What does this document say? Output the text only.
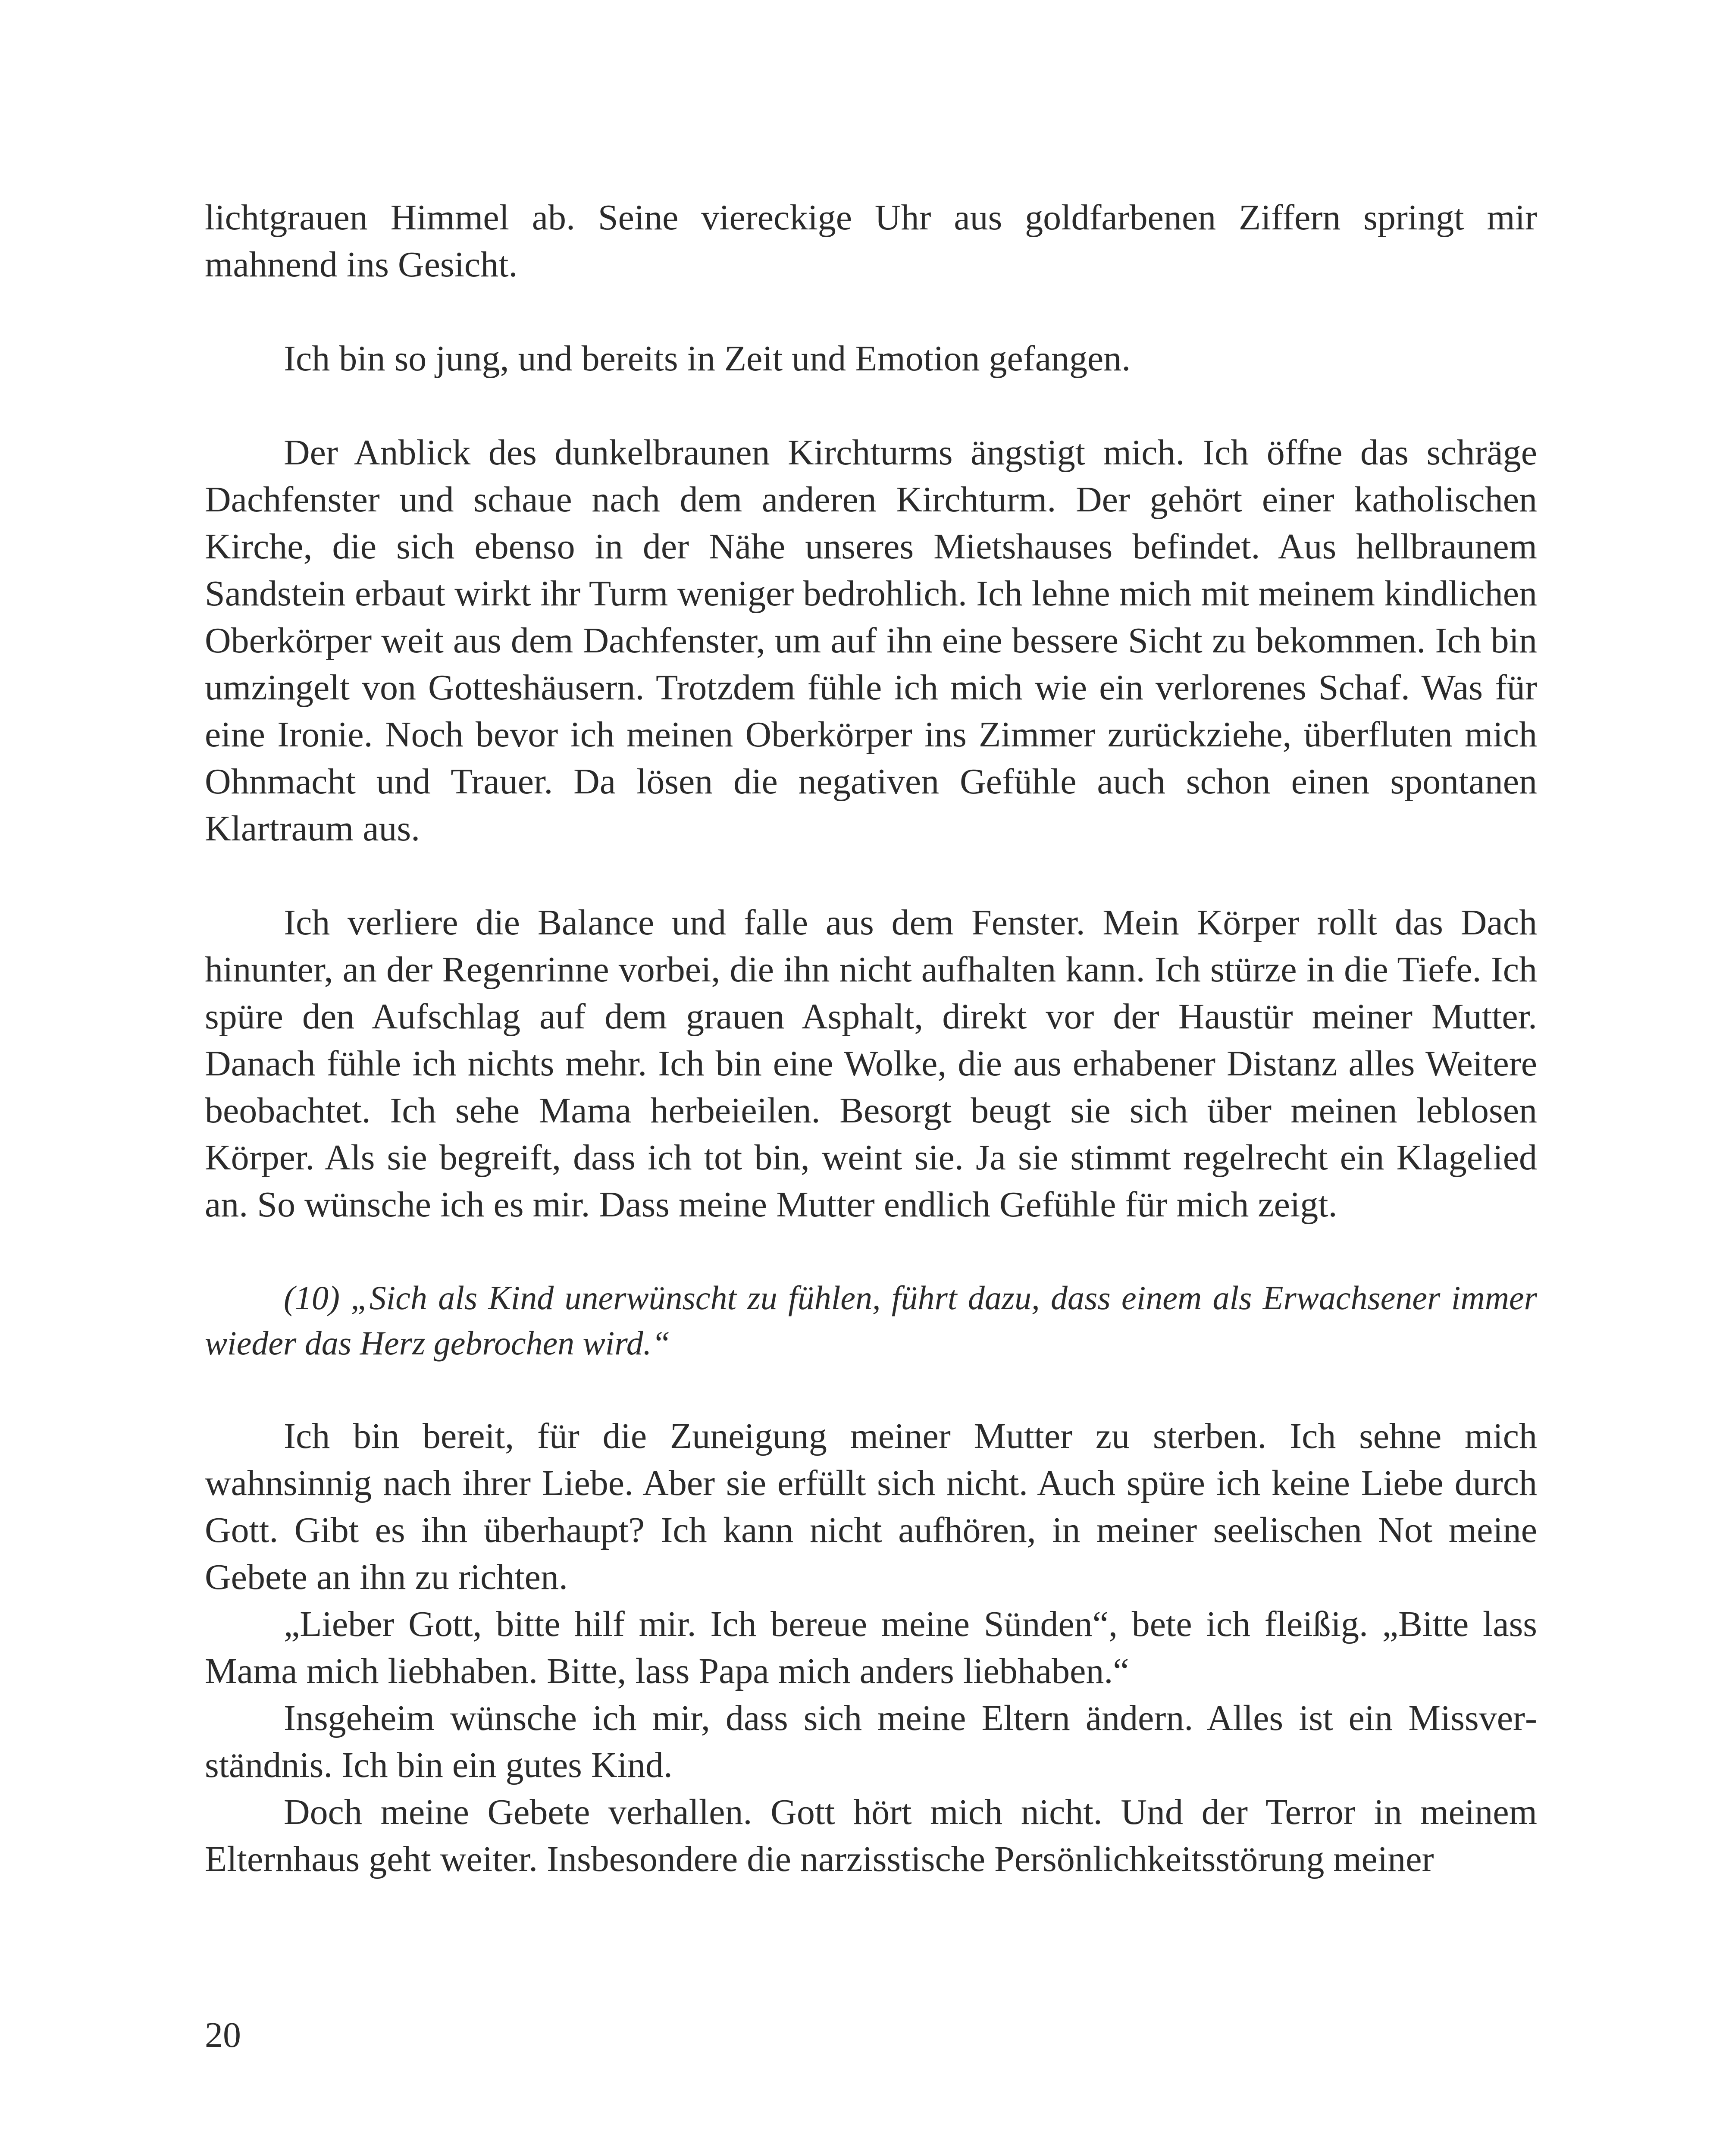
lichtgrauen Himmel ab. Seine viereckige Uhr aus goldfarbenen Ziffern springt mir mahnend ins Gesicht.

Ich bin so jung, und bereits in Zeit und Emotion gefangen.

Der Anblick des dunkelbraunen Kirchturms ängstigt mich. Ich öffne das schräge Dachfenster und schaue nach dem anderen Kirchturm. Der gehört einer katholischen Kirche, die sich ebenso in der Nähe unseres Mietshauses befindet. Aus hellbraunem Sandstein erbaut wirkt ihr Turm weniger bedrohlich. Ich lehne mich mit meinem kindlichen Oberkörper weit aus dem Dachfenster, um auf ihn eine bessere Sicht zu bekommen. Ich bin umzingelt von Gotteshäusern. Trotzdem fühle ich mich wie ein verlorenes Schaf. Was für eine Ironie. Noch bevor ich meinen Oberkörper ins Zimmer zurückziehe, überfluten mich Ohnmacht und Trauer. Da lösen die negativen Gefühle auch schon einen spontanen Klartraum aus.

Ich verliere die Balance und falle aus dem Fenster. Mein Körper rollt das Dach hinunter, an der Regenrinne vorbei, die ihn nicht aufhalten kann. Ich stürze in die Tiefe. Ich spüre den Aufschlag auf dem grauen Asphalt, direkt vor der Haustür meiner Mutter. Danach fühle ich nichts mehr. Ich bin eine Wolke, die aus erhabener Distanz alles Weitere beobachtet. Ich sehe Mama herbeieilen. Besorgt beugt sie sich über meinen leblosen Körper. Als sie begreift, dass ich tot bin, weint sie. Ja sie stimmt regelrecht ein Klagelied an. So wünsche ich es mir. Dass meine Mutter endlich Gefühle für mich zeigt.

(10) „Sich als Kind unerwünscht zu fühlen, führt dazu, dass einem als Erwachsener immer wieder das Herz gebrochen wird.“

Ich bin bereit, für die Zuneigung meiner Mutter zu sterben. Ich sehne mich wahnsinnig nach ihrer Liebe. Aber sie erfüllt sich nicht. Auch spüre ich keine Liebe durch Gott. Gibt es ihn überhaupt? Ich kann nicht aufhören, in meiner seelischen Not meine Gebete an ihn zu richten.

„Lieber Gott, bitte hilf mir. Ich bereue meine Sünden“, bete ich fleißig. „Bitte lass Mama mich liebhaben. Bitte, lass Papa mich anders liebhaben.“

Insgeheim wünsche ich mir, dass sich meine Eltern ändern. Alles ist ein Missverständnis. Ich bin ein gutes Kind.

Doch meine Gebete verhallen. Gott hört mich nicht. Und der Terror in meinem Elternhaus geht weiter. Insbesondere die narzisstische Persönlichkeitsstörung meiner

20
